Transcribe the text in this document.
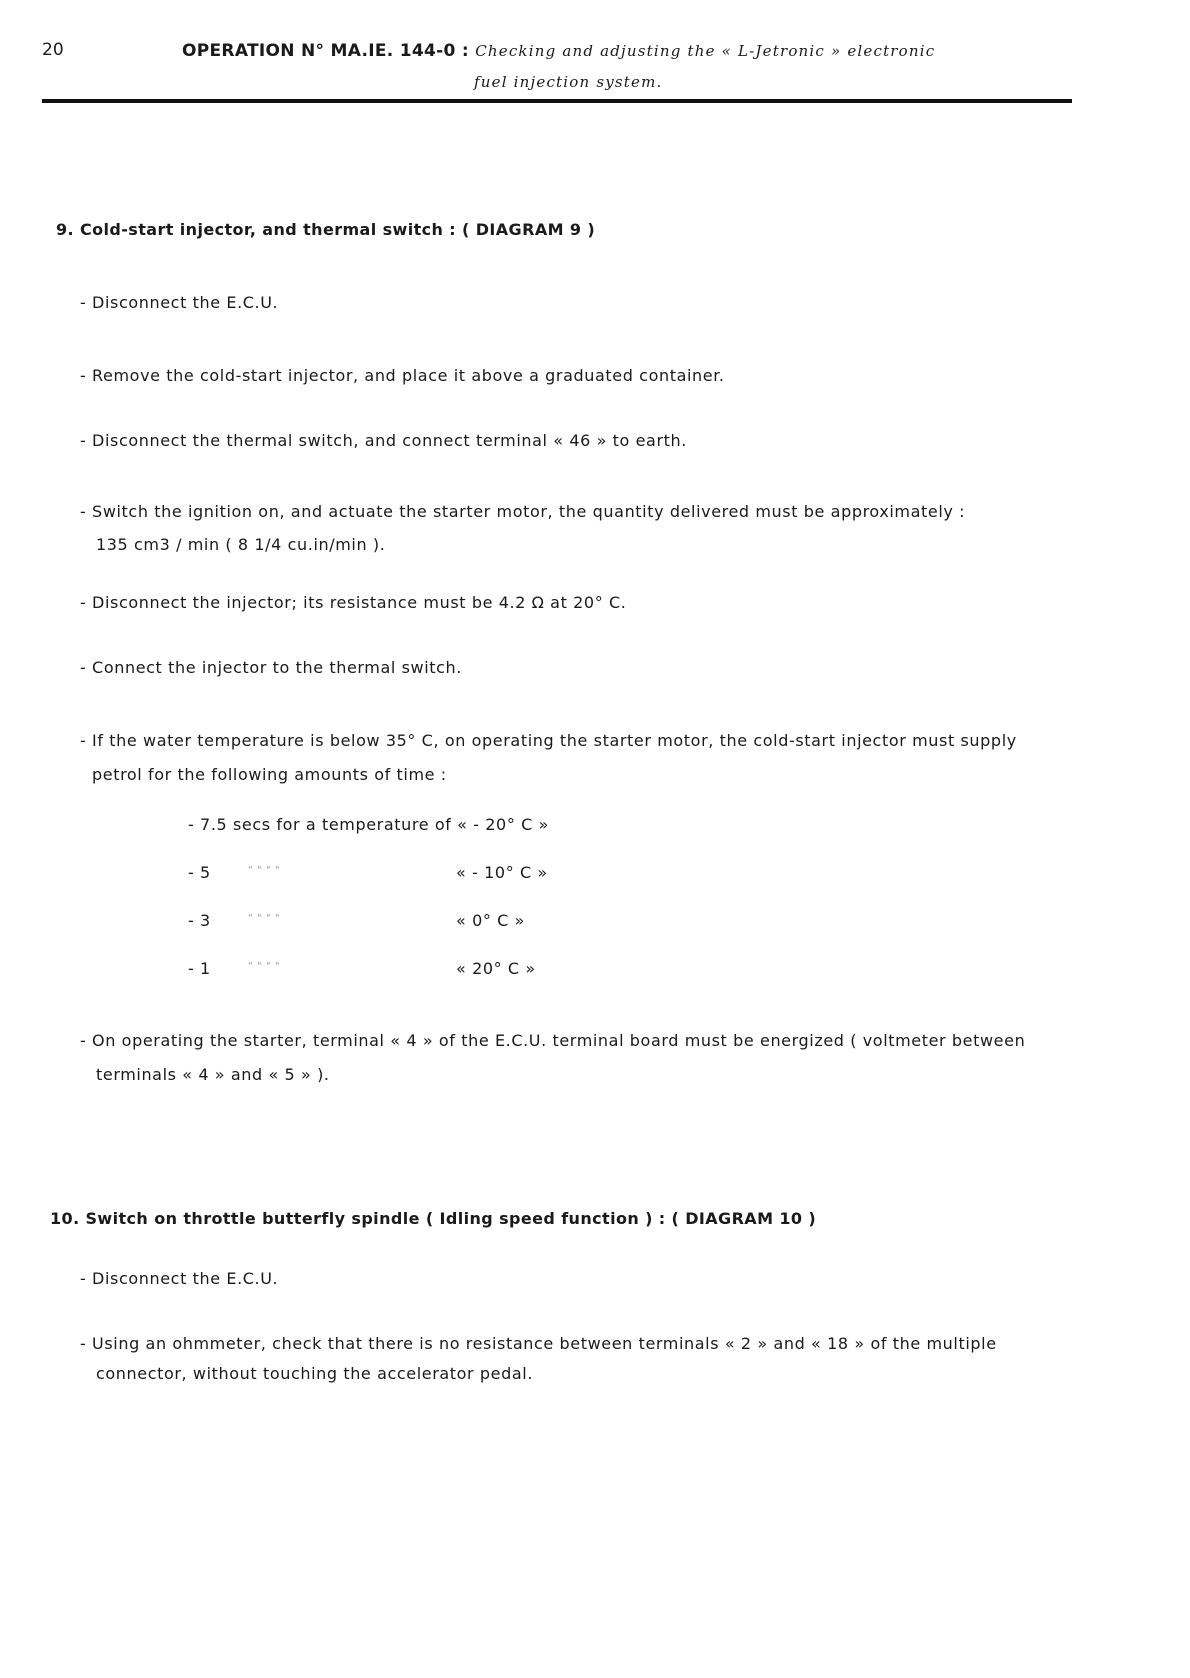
20	OPERATION N° MA.IE. 144-0 : Checking and adjusting the « L-Jetronic » electronic
fuel injection system.
9. Cold-start injector, and thermal switch : ( DIAGRAM 9 )
- Disconnect the E.C.U.
- Remove the cold-start injector, and place it above a graduated container.
- Disconnect the thermal switch, and connect terminal « 46 » to earth.
- Switch the ignition on, and actuate the starter motor, the quantity delivered must be approximately :
135 cm3 / min ( 8 1/4 cu.in/min ).
- Disconnect the injector; its resistance must be 4.2 Ω at 20° C.
- Connect the injector to the thermal switch.
- If the water temperature is below 35° C, on operating the starter motor, the cold-start injector must supply
petrol for the following amounts of time :
- 7.5 secs for a temperature of « - 20° C »
- 5	" " " "	« - 10° C »
- 3	" " " "	« 0° C »
- 1	" " " "	« 20° C »
- On operating the starter, terminal « 4 » of the E.C.U. terminal board must be energized ( voltmeter between
terminals « 4 » and « 5 » ).
10. Switch on throttle butterfly spindle ( Idling speed function ) : ( DIAGRAM 10 )
- Disconnect the E.C.U.
- Using an ohmmeter, check that there is no resistance between terminals « 2 » and « 18 » of the multiple
connector, without touching the accelerator pedal.
